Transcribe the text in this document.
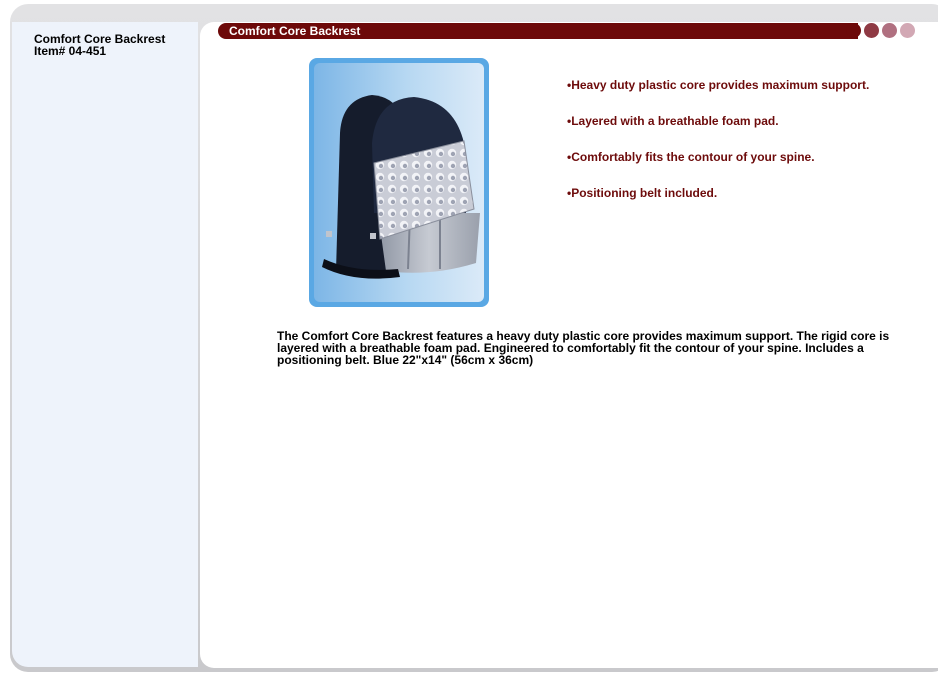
Comfort Core Backrest
Item# 04-451
Comfort Core Backrest
•Heavy duty plastic core provides maximum support.
•Layered with a breathable foam pad.
•Comfortably fits the contour of your spine.
•Positioning belt included.
The Comfort Core Backrest features a heavy duty plastic core provides maximum support. The rigid core is layered with a breathable foam pad. Engineered to comfortably fit the contour of your spine. Includes a positioning belt. Blue 22"x14" (56cm x 36cm)
